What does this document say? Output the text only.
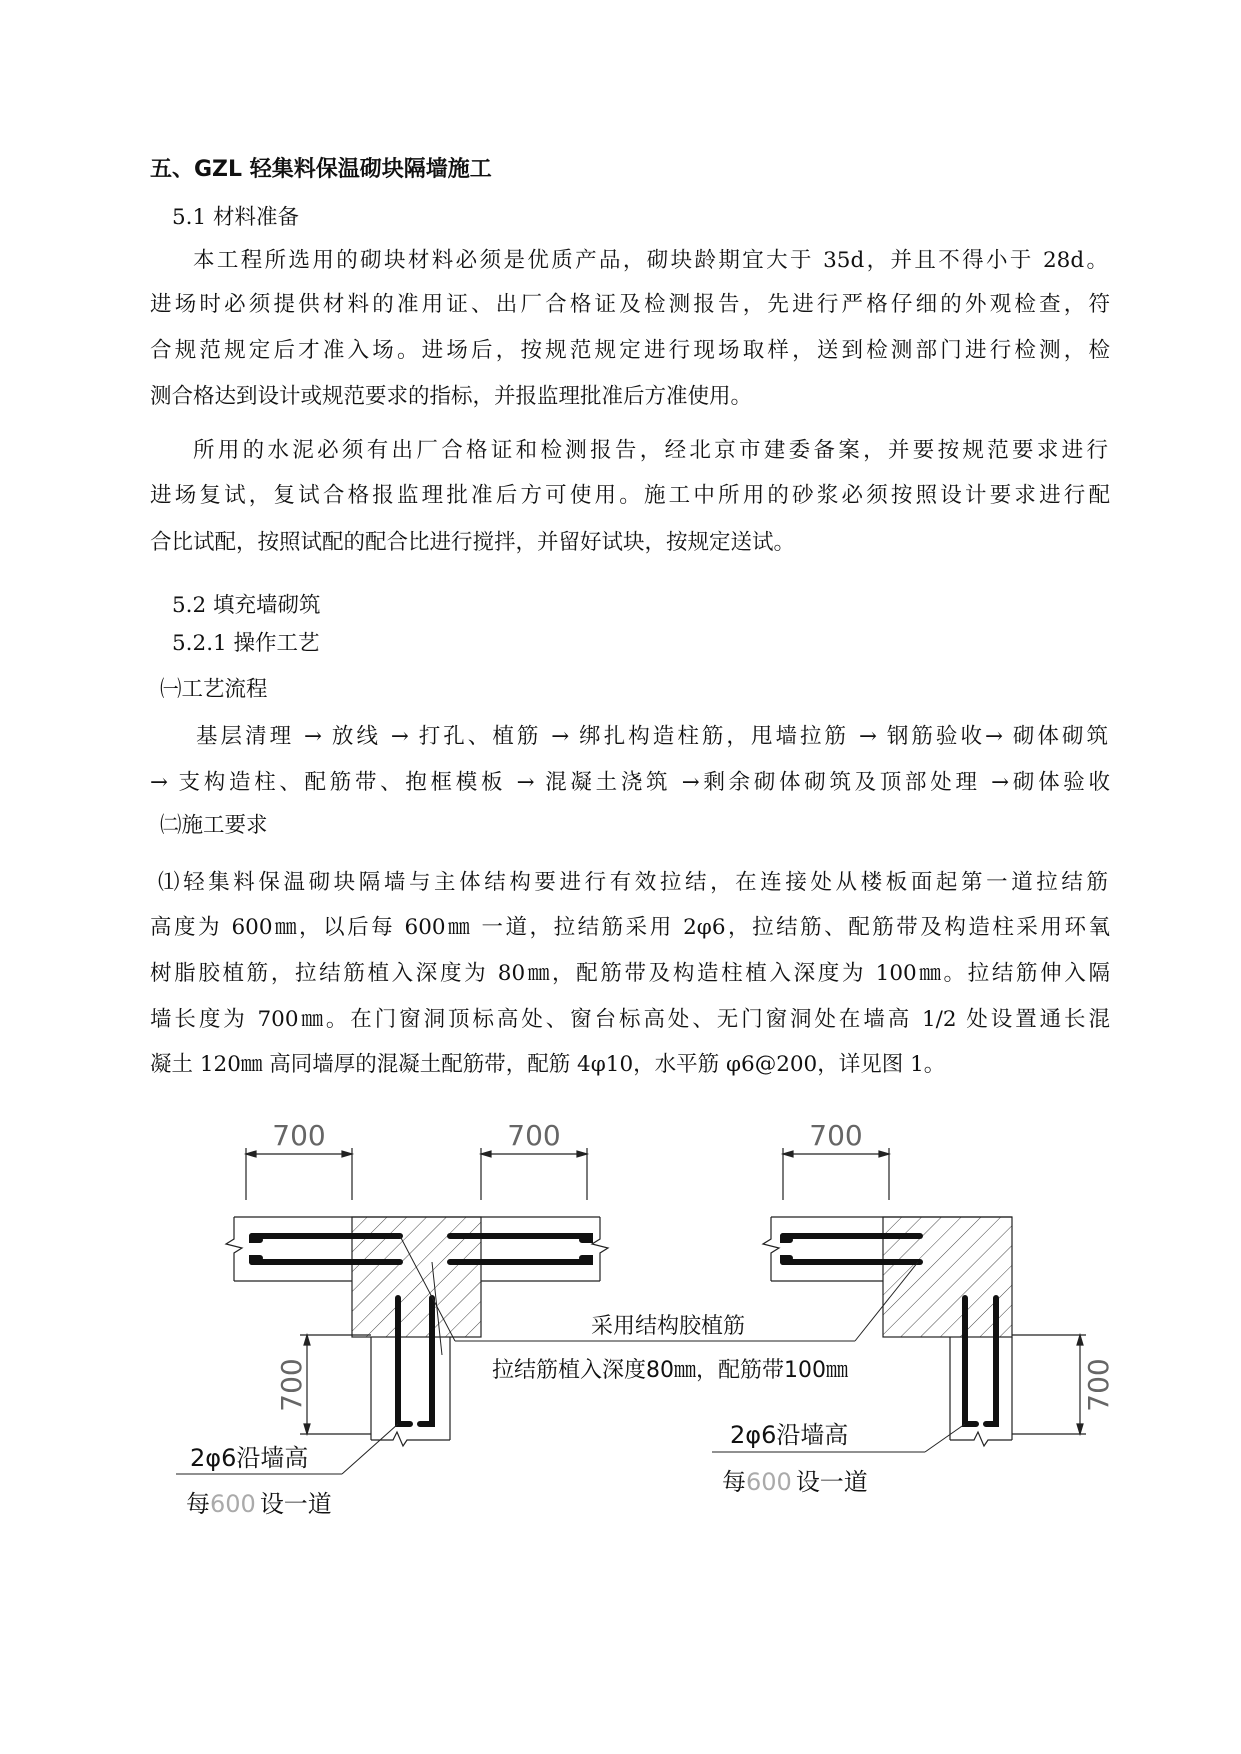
五、GZL 轻集料保温砌块隔墙施工
5.1 材料准备
本工程所选用的砌块材料必须是优质产品，砌块龄期宜大于 35d，并且不得小于 28d。
进场时必须提供材料的准用证、出厂合格证及检测报告，先进行严格仔细的外观检查，符
合规范规定后才准入场。进场后，按规范规定进行现场取样，送到检测部门进行检测，检
测合格达到设计或规范要求的指标，并报监理批准后方准使用。
所用的水泥必须有出厂合格证和检测报告，经北京市建委备案，并要按规范要求进行
进场复试，复试合格报监理批准后方可使用。施工中所用的砂浆必须按照设计要求进行配
合比试配，按照试配的配合比进行搅拌，并留好试块，按规定送试。
5.2 填充墙砌筑
5.2.1 操作工艺
㈠工艺流程
基层清理 → 放线 → 打孔、植筋 → 绑扎构造柱筋，甩墙拉筋 → 钢筋验收→ 砌体砌筑
→ 支构造柱、配筋带、抱框模板 → 混凝土浇筑 →剩余砌体砌筑及顶部处理 →砌体验收
㈡施工要求
⑴轻集料保温砌块隔墙与主体结构要进行有效拉结，在连接处从楼板面起第一道拉结筋
高度为 600㎜，以后每 600㎜ 一道，拉结筋采用 2φ6，拉结筋、配筋带及构造柱采用环氧
树脂胶植筋，拉结筋植入深度为 80㎜，配筋带及构造柱植入深度为 100㎜。拉结筋伸入隔
墙长度为 700㎜。在门窗洞顶标高处、窗台标高处、无门窗洞处在墙高 1/2 处设置通长混
凝土 120㎜ 高同墙厚的混凝土配筋带，配筋 4φ10，水平筋 φ6@200，详见图 1。
700	700	700
700	700
采用结构胶植筋
拉结筋植入深度80㎜，配筋带100㎜
2φ6沿墙高
每600 设一道
2φ6沿墙高
每600 设一道
